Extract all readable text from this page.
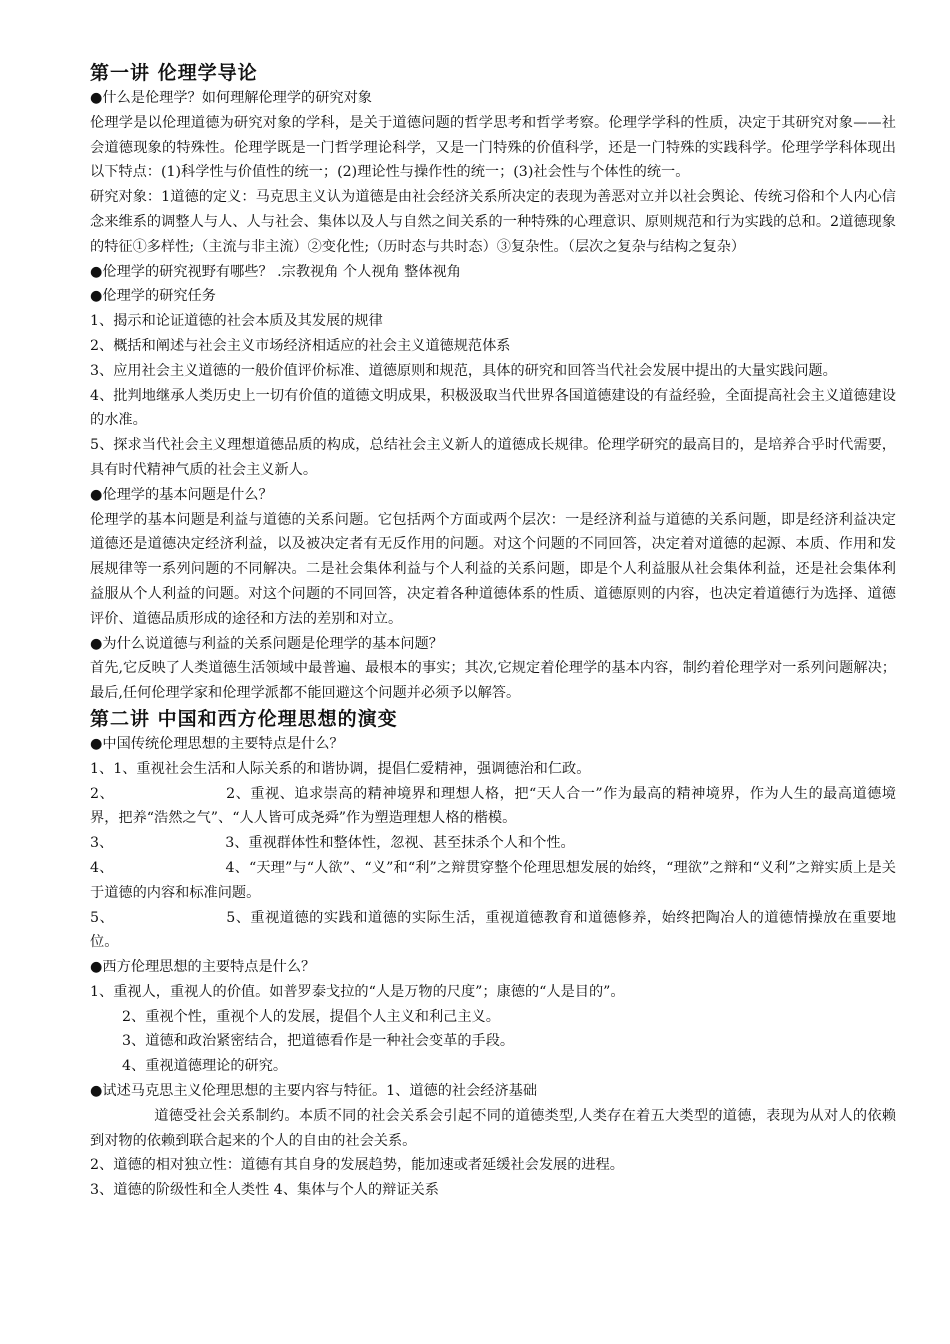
第一讲 伦理学导论
●什么是伦理学？如何理解伦理学的研究对象
伦理学是以伦理道德为研究对象的学科，是关于道德问题的哲学思考和哲学考察。伦理学学科的性质，决定于其研究对象——社会道德现象的特殊性。伦理学既是一门哲学理论科学，又是一门特殊的价值科学，还是一门特殊的实践科学。伦理学学科体现出以下特点：(1)科学性与价值性的统一；(2)理论性与操作性的统一；(3)社会性与个体性的统一。
研究对象：1道德的定义：马克思主义认为道德是由社会经济关系所决定的表现为善恶对立并以社会舆论、传统习俗和个人内心信念来维系的调整人与人、人与社会、集体以及人与自然之间关系的一种特殊的心理意识、原则规范和行为实践的总和。2道德现象的特征①多样性;（主流与非主流）②变化性;（历时态与共时态）③复杂性。（层次之复杂与结构之复杂）
●伦理学的研究视野有哪些？ .宗教视角 个人视角 整体视角
●伦理学的研究任务
1、揭示和论证道德的社会本质及其发展的规律
2、概括和阐述与社会主义市场经济相适应的社会主义道德规范体系
3、应用社会主义道德的一般价值评价标准、道德原则和规范，具体的研究和回答当代社会发展中提出的大量实践问题。
4、批判地继承人类历史上一切有价值的道德文明成果，积极汲取当代世界各国道德建设的有益经验，全面提高社会主义道德建设的水准。
5、探求当代社会主义理想道德品质的构成，总结社会主义新人的道德成长规律。伦理学研究的最高目的，是培养合乎时代需要，具有时代精神气质的社会主义新人。
●伦理学的基本问题是什么？
伦理学的基本问题是利益与道德的关系问题。它包括两个方面或两个层次：一是经济利益与道德的关系问题，即是经济利益决定道德还是道德决定经济利益，以及被决定者有无反作用的问题。对这个问题的不同回答，决定着对道德的起源、本质、作用和发展规律等一系列问题的不同解决。二是社会集体利益与个人利益的关系问题，即是个人利益服从社会集体利益，还是社会集体利益服从个人利益的问题。对这个问题的不同回答，决定着各种道德体系的性质、道德原则的内容，也决定着道德行为选择、道德评价、道德品质形成的途径和方法的差别和对立。
●为什么说道德与利益的关系问题是伦理学的基本问题？
首先,它反映了人类道德生活领域中最普遍、最根本的事实；其次,它规定着伦理学的基本内容，制约着伦理学对一系列问题解决；最后,任何伦理学家和伦理学派都不能回避这个问题并必须予以解答。
第二讲 中国和西方伦理思想的演变
●中国传统伦理思想的主要特点是什么？
1、1、重视社会生活和人际关系的和谐协调，提倡仁爱精神，强调德治和仁政。
2、	2、重视、追求崇高的精神境界和理想人格，把“天人合一”作为最高的精神境界，作为人生的最高道德境界，把养“浩然之气”、“人人皆可成尧舜”作为塑造理想人格的楷模。
3、	3、重视群体性和整体性，忽视、甚至抹杀个人和个性。
4、	4、“天理”与“人欲”、“义”和“利”之辩贯穿整个伦理思想发展的始终，“理欲”之辩和“义利”之辩实质上是关于道德的内容和标准问题。
5、	5、重视道德的实践和道德的实际生活，重视道德教育和道德修养，始终把陶冶人的道德情操放在重要地位。
●西方伦理思想的主要特点是什么？
1、重视人，重视人的价值。如普罗泰戈拉的“人是万物的尺度”；康德的“人是目的”。
2、重视个性，重视个人的发展，提倡个人主义和利己主义。
3、道德和政治紧密结合，把道德看作是一种社会变革的手段。
4、重视道德理论的研究。
●试述马克思主义伦理思想的主要内容与特征。1、道德的社会经济基础
道德受社会关系制约。本质不同的社会关系会引起不同的道德类型,人类存在着五大类型的道德，表现为从对人的依赖到对物的依赖到联合起来的个人的自由的社会关系。
2、道德的相对独立性：道德有其自身的发展趋势，能加速或者延缓社会发展的进程。
3、道德的阶级性和全人类性 4、集体与个人的辩证关系
